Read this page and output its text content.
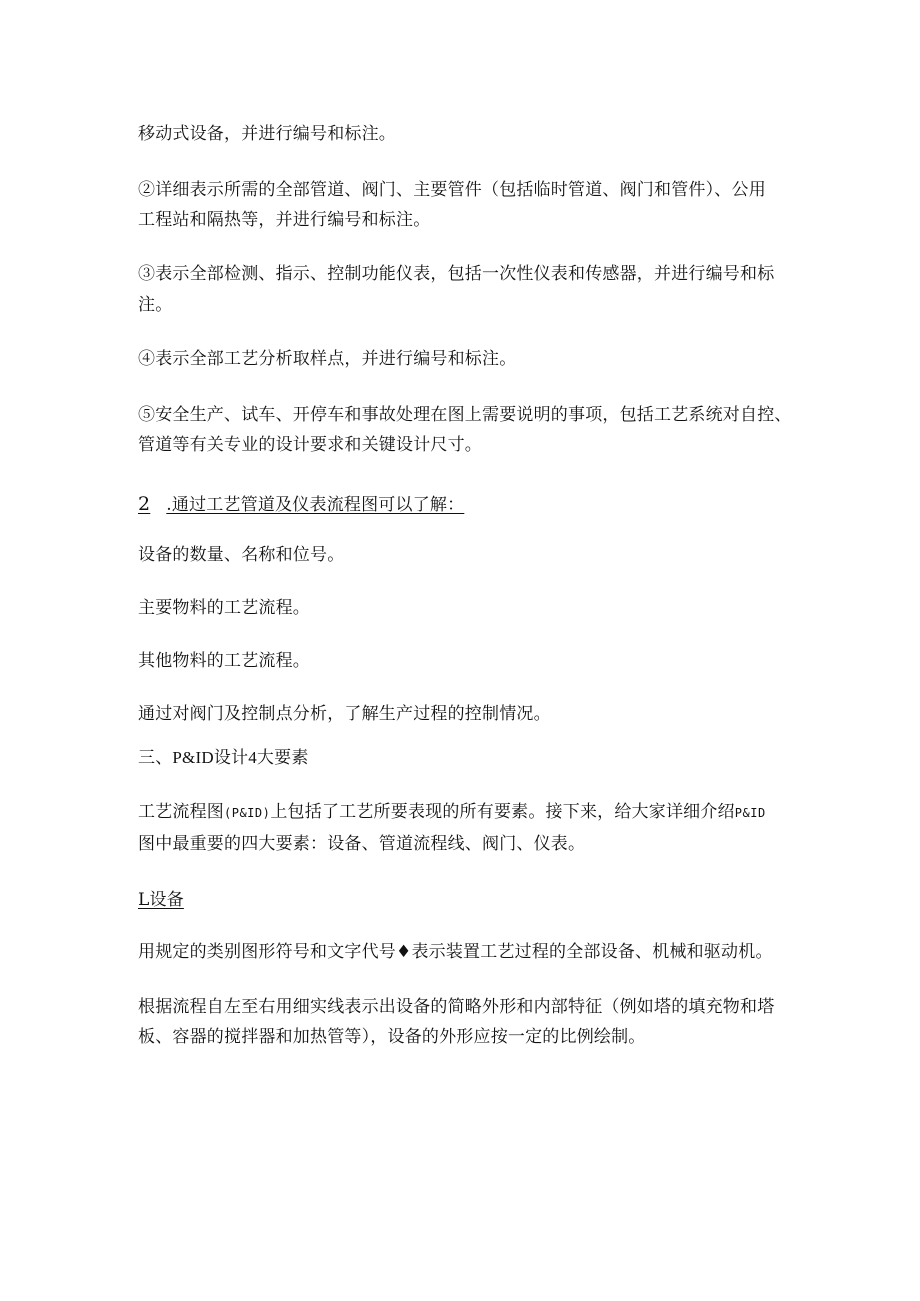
移动式设备，并进行编号和标注。
②详细表示所需的全部管道、阀门、主要管件（包括临时管道、阀门和管件）、公用
工程站和隔热等，并进行编号和标注。
③表示全部检测、指示、控制功能仪表，包括一次性仪表和传感器，并进行编号和标
注。
④表示全部工艺分析取样点，并进行编号和标注。
⑤安全生产、试车、开停车和事故处理在图上需要说明的事项，包括工艺系统对自控、
管道等有关专业的设计要求和关键设计尺寸。
2 .通过工艺管道及仪表流程图可以了解：
设备的数量、名称和位号。
主要物料的工艺流程。
其他物料的工艺流程。
通过对阀门及控制点分析，了解生产过程的控制情况。
三、P&ID设计4大要素
工艺流程图(P&ID)上包括了工艺所要表现的所有要素。接下来，给大家详细介绍P&ID
图中最重要的四大要素：设备、管道流程线、阀门、仪表。
L设备
用规定的类别图形符号和文字代号♦表示装置工艺过程的全部设备、机械和驱动机。
根据流程自左至右用细实线表示出设备的简略外形和内部特征（例如塔的填充物和塔
板、容器的搅拌器和加热管等），设备的外形应按一定的比例绘制。
